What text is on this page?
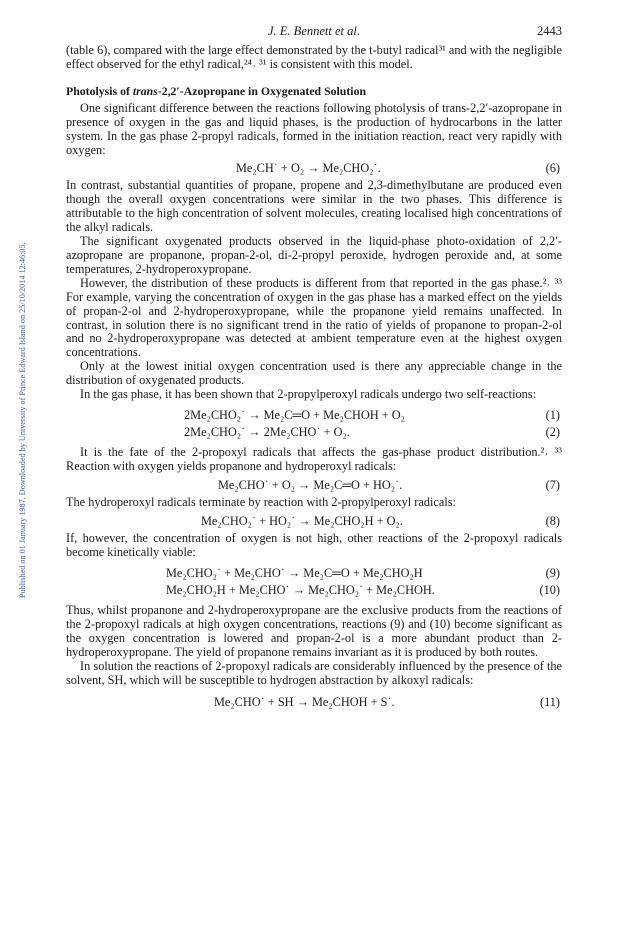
Published on 01 January 1987. Downloaded by University of Prince Edward Island on 25/10/2014 12:46:05.
J. E. Bennett et al.	2443

(table 6), compared with the large effect demonstrated by the t-butyl radical³¹ and with the negligible effect observed for the ethyl radical,²⁴˒ ³¹ is consistent with this model.

Photolysis of trans-2,2′-Azopropane in Oxygenated Solution

One significant difference between the reactions following photolysis of trans-2,2′-azopropane in presence of oxygen in the gas and liquid phases, is the production of hydrocarbons in the latter system. In the gas phase 2-propyl radicals, formed in the initiation reaction, react very rapidly with oxygen:

Me₂CH˙ + O₂ → Me₂CHO₂˙.	(6)

In contrast, substantial quantities of propane, propene and 2,3-dimethylbutane are produced even though the overall oxygen concentrations were similar in the two phases. This difference is attributable to the high concentration of solvent molecules, creating localised high concentrations of the alkyl radicals.

The significant oxygenated products observed in the liquid-phase photo-oxidation of 2,2′-azopropane are propanone, propan-2-ol, di-2-propyl peroxide, hydrogen peroxide and, at some temperatures, 2-hydroperoxypropane.

However, the distribution of these products is different from that reported in the gas phase.²˒ ³³ For example, varying the concentration of oxygen in the gas phase has a marked effect on the yields of propan-2-ol and 2-hydroperoxypropane, while the propanone yield remains unaffected. In contrast, in solution there is no significant trend in the ratio of yields of propanone to propan-2-ol and no 2-hydroperoxypropane was detected at ambient temperature even at the highest oxygen concentrations.

Only at the lowest initial oxygen concentration used is there any appreciable change in the distribution of oxygenated products.

In the gas phase, it has been shown that 2-propylperoxyl radicals undergo two self-reactions:

2Me₂CHO₂˙ → Me₂C═O + Me₂CHOH + O₂	(1)
2Me₂CHO₂˙ → 2Me₂CHO˙ + O₂.	(2)

It is the fate of the 2-propoxyl radicals that affects the gas-phase product distribution.²˒ ³³ Reaction with oxygen yields propanone and hydroperoxyl radicals:

Me₂CHO˙ + O₂ → Me₂C═O + HO₂˙.	(7)

The hydroperoxyl radicals terminate by reaction with 2-propylperoxyl radicals:

Me₂CHO₂˙ + HO₂˙ → Me₂CHO₂H + O₂.	(8)

If, however, the concentration of oxygen is not high, other reactions of the 2-propoxyl radicals become kinetically viable:

Me₂CHO₂˙ + Me₂CHO˙ → Me₂C═O + Me₂CHO₂H	(9)
Me₂CHO₂H + Me₂CHO˙ → Me₂CHO₂˙ + Me₂CHOH.	(10)

Thus, whilst propanone and 2-hydroperoxypropane are the exclusive products from the reactions of the 2-propoxyl radicals at high oxygen concentrations, reactions (9) and (10) become significant as the oxygen concentration is lowered and propan-2-ol is a more abundant product than 2-hydroperoxypropane. The yield of propanone remains invariant as it is produced by both routes.

In solution the reactions of 2-propoxyl radicals are considerably influenced by the presence of the solvent, SH, which will be susceptible to hydrogen abstraction by alkoxyl radicals:

Me₂CHO˙ + SH → Me₂CHOH + S˙.	(11)
